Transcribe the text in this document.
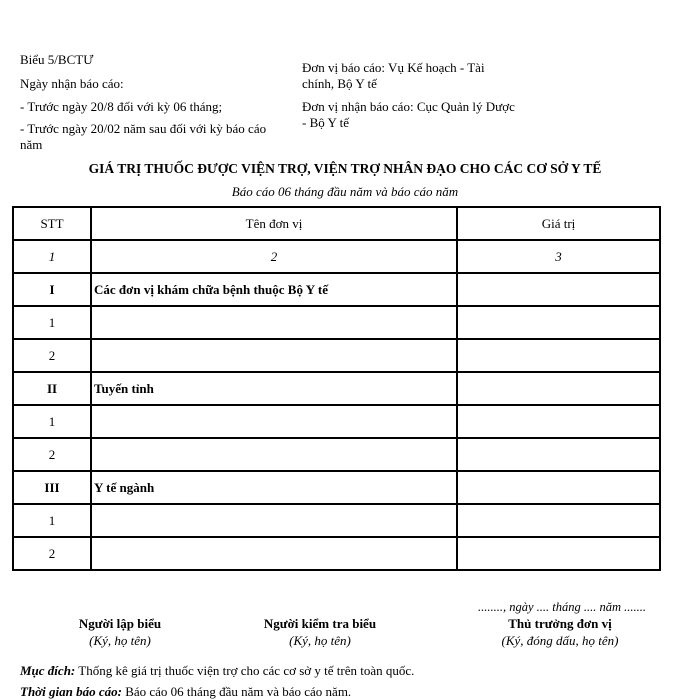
Biểu 5/BCTƯ
Ngày nhận báo cáo:
- Trước ngày 20/8 đối với kỳ 06 tháng;
- Trước ngày 20/02 năm sau đối với kỳ báo cáo
năm
Đơn vị báo cáo: Vụ Kế hoạch - Tài
chính, Bộ Y tế
Đơn vị nhận báo cáo: Cục Quản lý Dược
- Bộ Y tế
GIÁ TRỊ THUỐC ĐƯỢC VIỆN TRỢ, VIỆN TRỢ NHÂN ĐẠO CHO CÁC CƠ SỞ Y TẾ
Báo cáo 06 tháng đầu năm và báo cáo năm
STT	Tên đơn vị	Giá trị
1	2	3
I	Các đơn vị khám chữa bệnh thuộc Bộ Y tế	
1		
2		
II	Tuyến tỉnh	
1		
2		
III	Y tế ngành	
1		
2		
........, ngày .... tháng .... năm .......
Người lập biểu
(Ký, họ tên)
Người kiểm tra biểu
(Ký, họ tên)
Thủ trưởng đơn vị
(Ký, đóng dấu, họ tên)
Mục đích: Thống kê giá trị thuốc viện trợ cho các cơ sở y tế trên toàn quốc.
Thời gian báo cáo: Báo cáo 06 tháng đầu năm và báo cáo năm.
